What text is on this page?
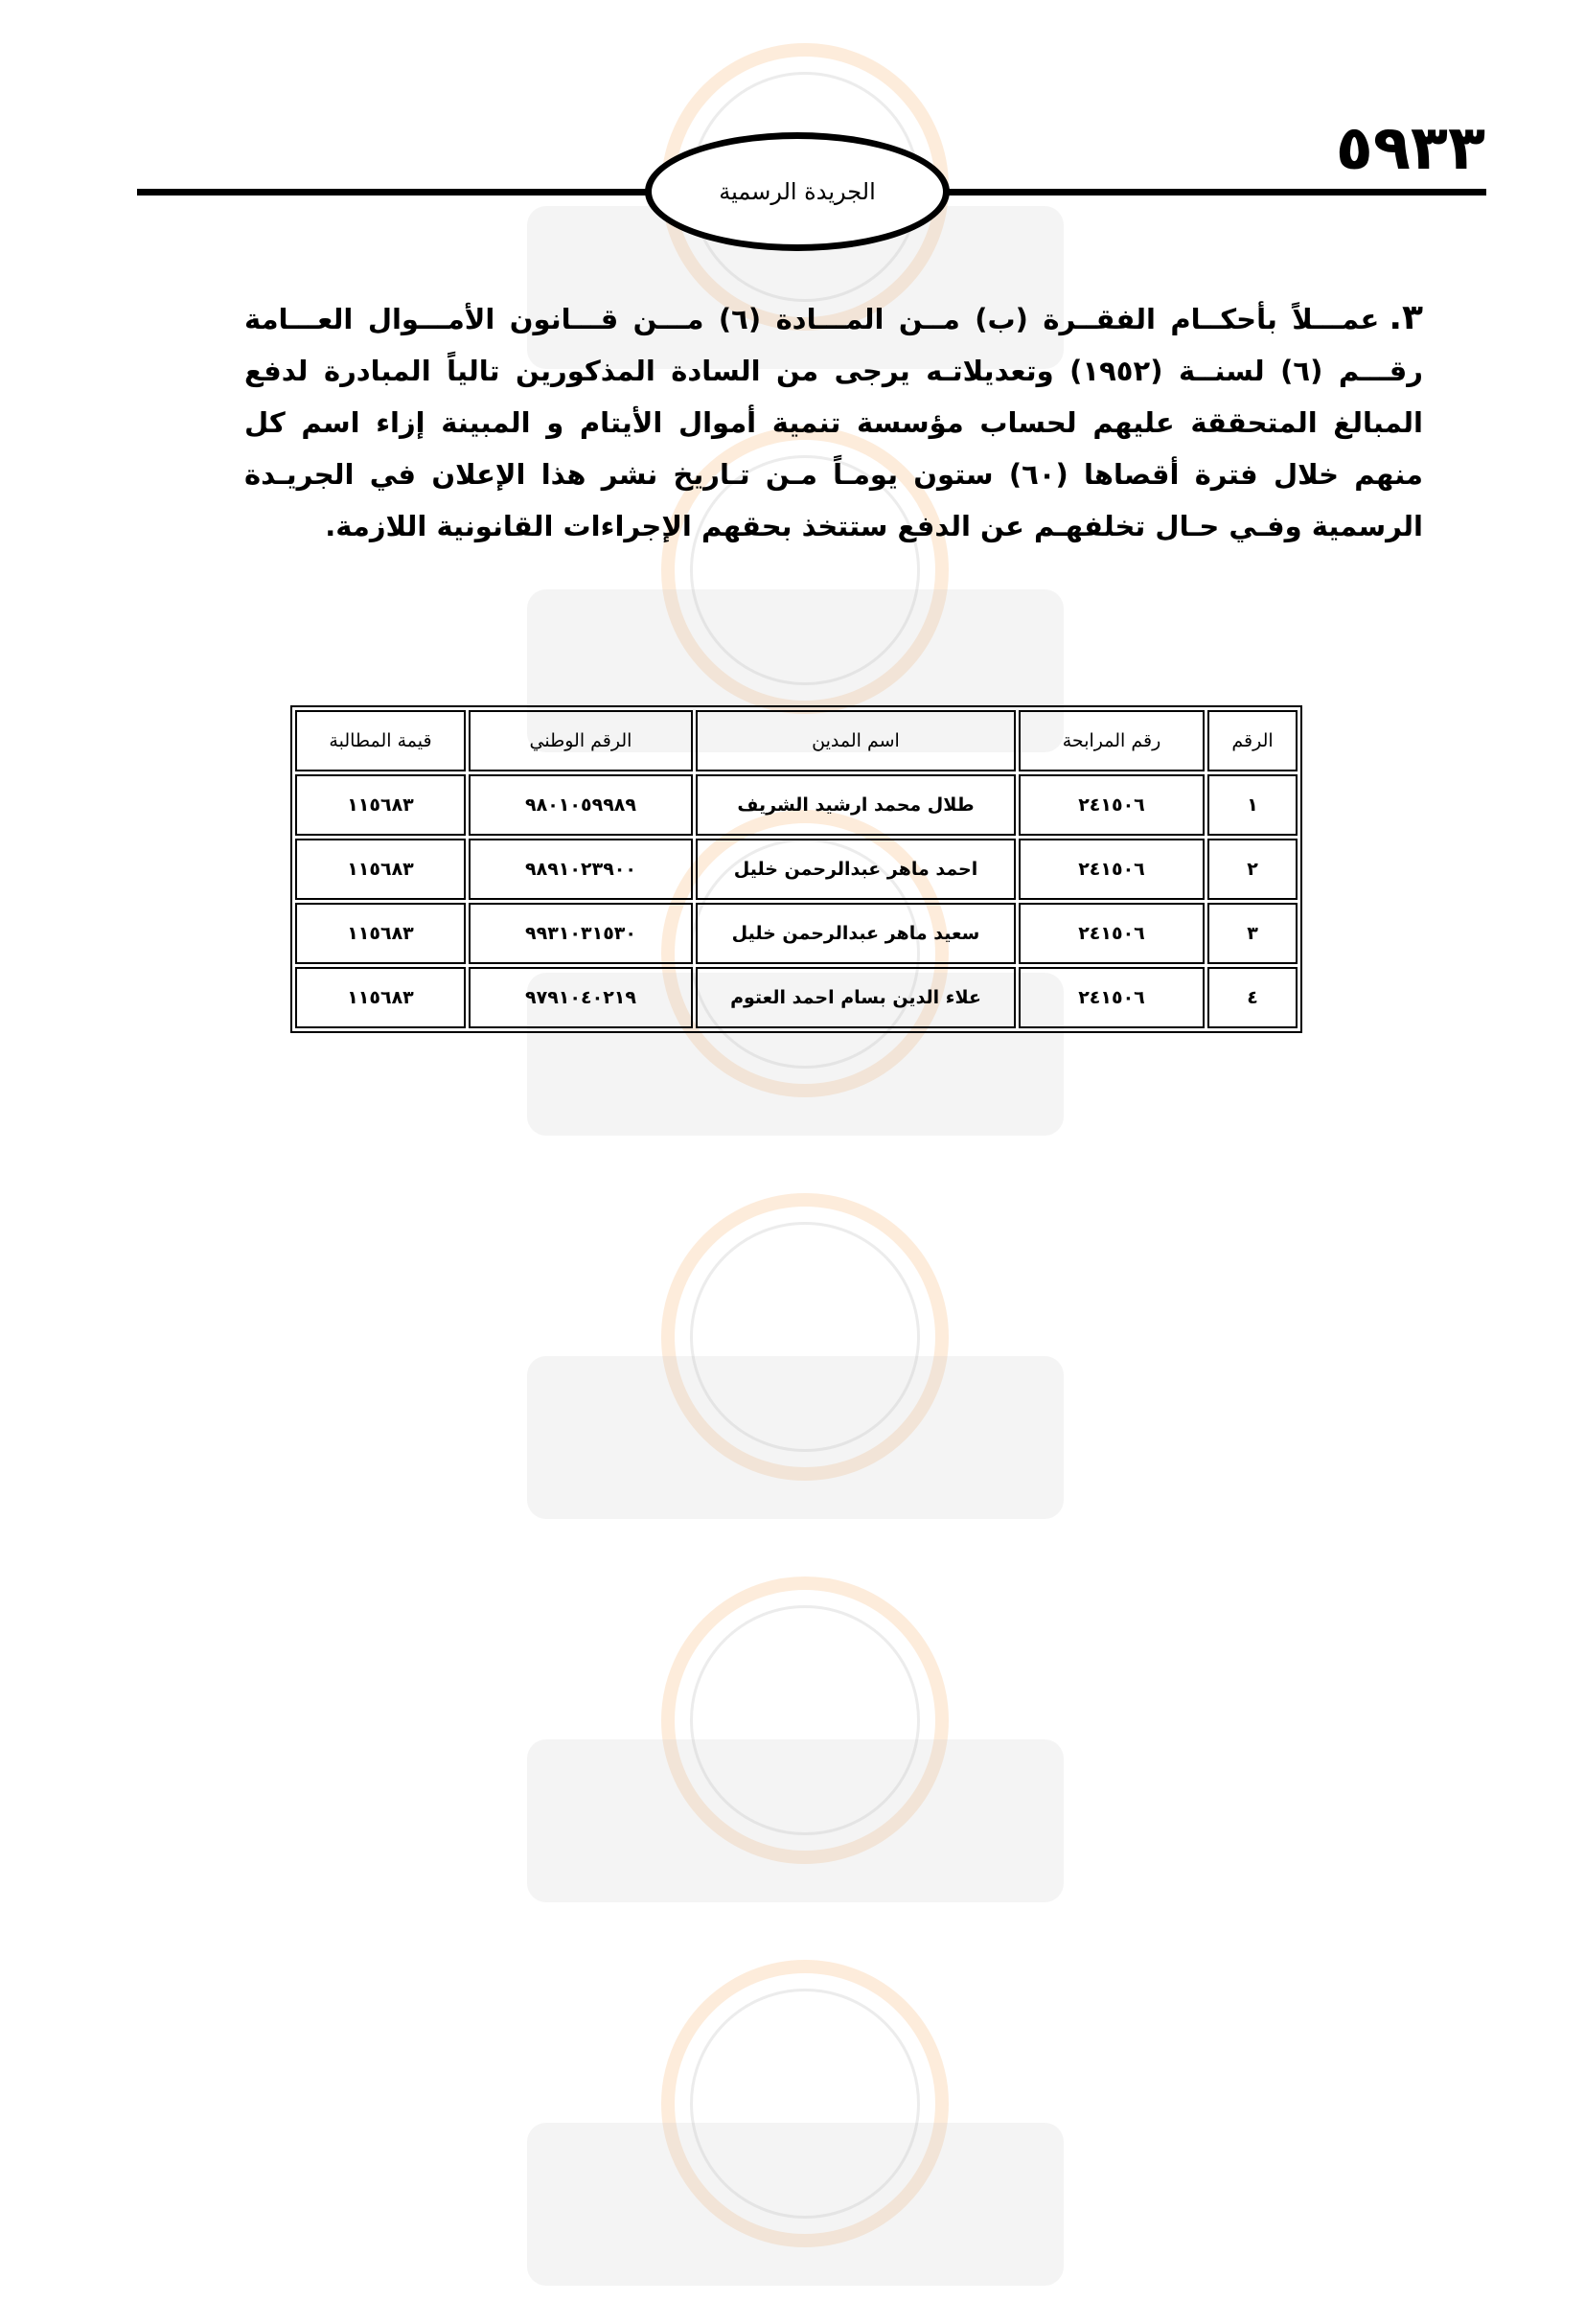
٥٩٣٣
الجريدة الرسمية
٣.عمـــلاً بأحكــام الفقــرة (ب) مــن المـــادة (٦) مـــن قـــانون الأمـــوال العـــامة رقـــم (٦) لسنــة (١٩٥٢) وتعديلاتـه يرجى من السادة المذكورين تالياً المبادرة لدفع المبالغ المتحققة عليهم لحساب مؤسسة تنمية أموال الأيتام و المبينة إزاء اسم كل منهم خلال فترة أقصاها (٦٠) ستون يومـاً مـن تـاريخ نشر هذا الإعلان في الجريـدة الرسمية وفـي حـال تخلفهـم عن الدفع ستتخذ بحقهم الإجراءات القانونية اللازمة.
الرقم	رقم المرابحة	اسم المدين	الرقم الوطني	قيمة المطالبة
١	٢٤١٥٠٦	طلال محمد ارشيد الشريف	٩٨٠١٠٥٩٩٨٩	١١٥٦٨٣
٢	٢٤١٥٠٦	احمد ماهر عبدالرحمن خليل	٩٨٩١٠٢٣٩٠٠	١١٥٦٨٣
٣	٢٤١٥٠٦	سعيد ماهر عبدالرحمن خليل	٩٩٣١٠٣١٥٣٠	١١٥٦٨٣
٤	٢٤١٥٠٦	علاء الدين بسام احمد العتوم	٩٧٩١٠٤٠٢١٩	١١٥٦٨٣
